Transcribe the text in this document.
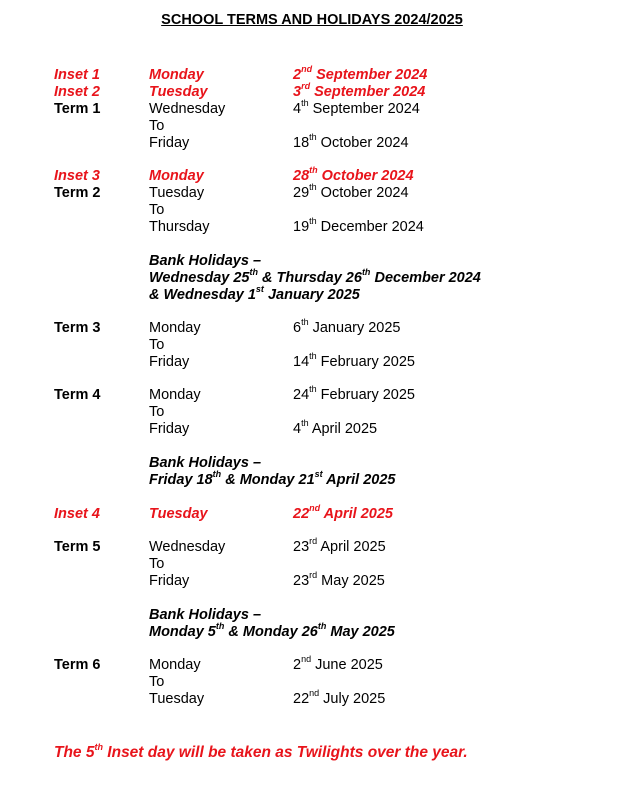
SCHOOL TERMS AND HOLIDAYS 2024/2025
Inset 1	Monday	2nd September 2024
Inset 2	Tuesday	3rd September 2024
Term 1	Wednesday	4th September 2024
To
Friday	18th October 2024
Inset 3	Monday	28th October 2024
Term 2	Tuesday	29th October 2024
To
Thursday	19th December 2024
Term 3	Monday	6th January 2025
To
Friday	14th February 2025
Term 4	Monday	24th February 2025
To
Friday	4th April 2025
Inset 4	Tuesday	22nd April 2025
Term 5	Wednesday	23rd April 2025
To
Friday	23rd May 2025
Term 6	Monday	2nd June 2025
To
Tuesday	22nd July 2025
Bank Holidays –
Wednesday 25th & Thursday 26th December 2024
& Wednesday 1st January 2025
Bank Holidays –
Friday 18th & Monday 21st April 2025
Bank Holidays –
Monday 5th & Monday 26th May 2025
The 5th Inset day will be taken as Twilights over the year.
